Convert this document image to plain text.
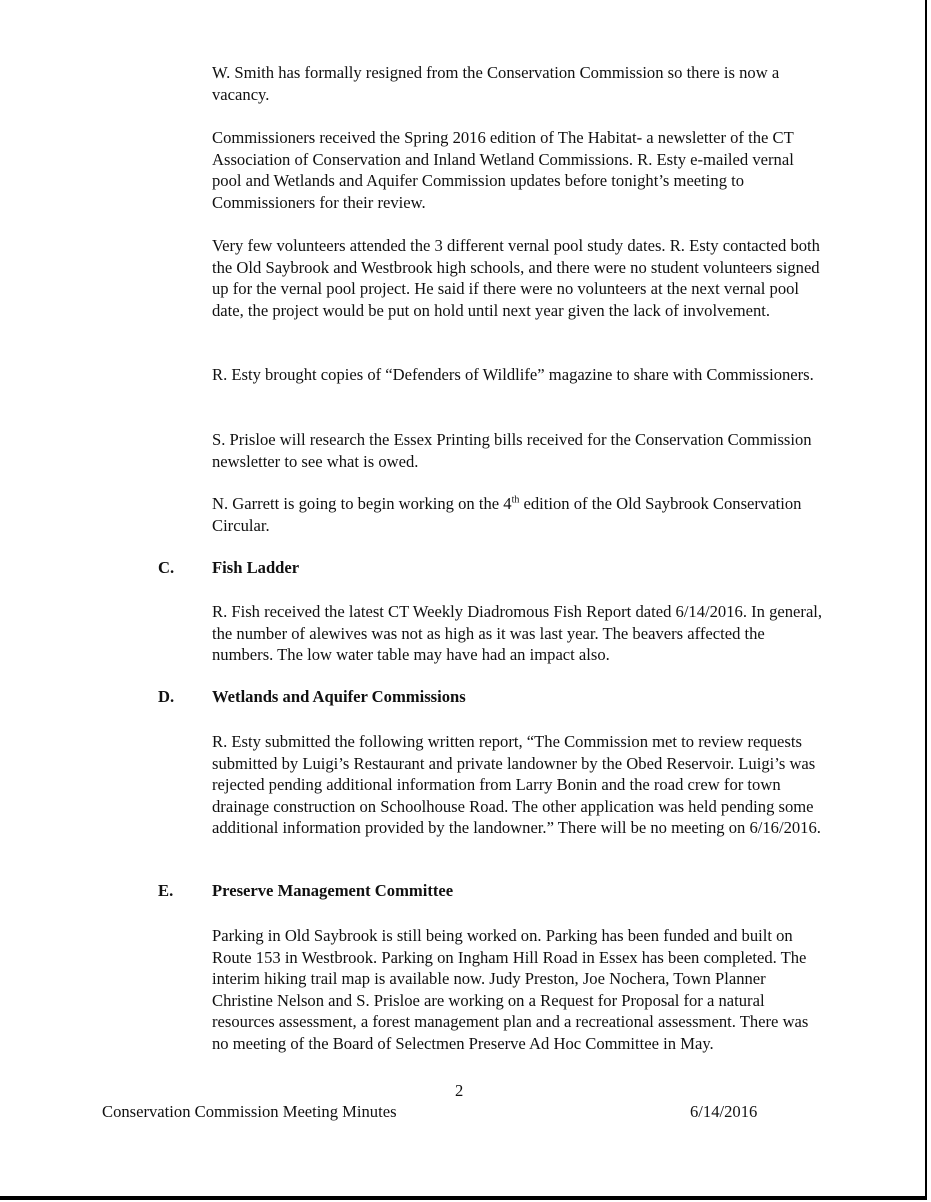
W. Smith has formally resigned from the Conservation Commission so there is now a vacancy.

Commissioners received the Spring 2016 edition of The Habitat- a newsletter of the CT Association of Conservation and Inland Wetland Commissions. R. Esty e-mailed vernal pool and Wetlands and Aquifer Commission updates before tonight’s meeting to Commissioners for their review.

Very few volunteers attended the 3 different vernal pool study dates. R. Esty contacted both the Old Saybrook and Westbrook high schools, and there were no student volunteers signed up for the vernal pool project. He said if there were no volunteers at the next vernal pool date, the project would be put on hold until next year given the lack of involvement.

R. Esty brought copies of “Defenders of Wildlife” magazine to share with Commissioners.

S. Prisloe will research the Essex Printing bills received for the Conservation Commission newsletter to see what is owed.

N. Garrett is going to begin working on the 4th edition of the Old Saybrook Conservation Circular.

C. Fish Ladder

R. Fish received the latest CT Weekly Diadromous Fish Report dated 6/14/2016. In general, the number of alewives was not as high as it was last year. The beavers affected the numbers. The low water table may have had an impact also.

D. Wetlands and Aquifer Commissions

R. Esty submitted the following written report, “The Commission met to review requests submitted by Luigi’s Restaurant and private landowner by the Obed Reservoir. Luigi’s was rejected pending additional information from Larry Bonin and the road crew for town drainage construction on Schoolhouse Road. The other application was held pending some additional information provided by the landowner.” There will be no meeting on 6/16/2016.

E. Preserve Management Committee

Parking in Old Saybrook is still being worked on. Parking has been funded and built on Route 153 in Westbrook. Parking on Ingham Hill Road in Essex has been completed. The interim hiking trail map is available now. Judy Preston, Joe Nochera, Town Planner Christine Nelson and S. Prisloe are working on a Request for Proposal for a natural resources assessment, a forest management plan and a recreational assessment. There was no meeting of the Board of Selectmen Preserve Ad Hoc Committee in May.

2
Conservation Commission Meeting Minutes	6/14/2016
